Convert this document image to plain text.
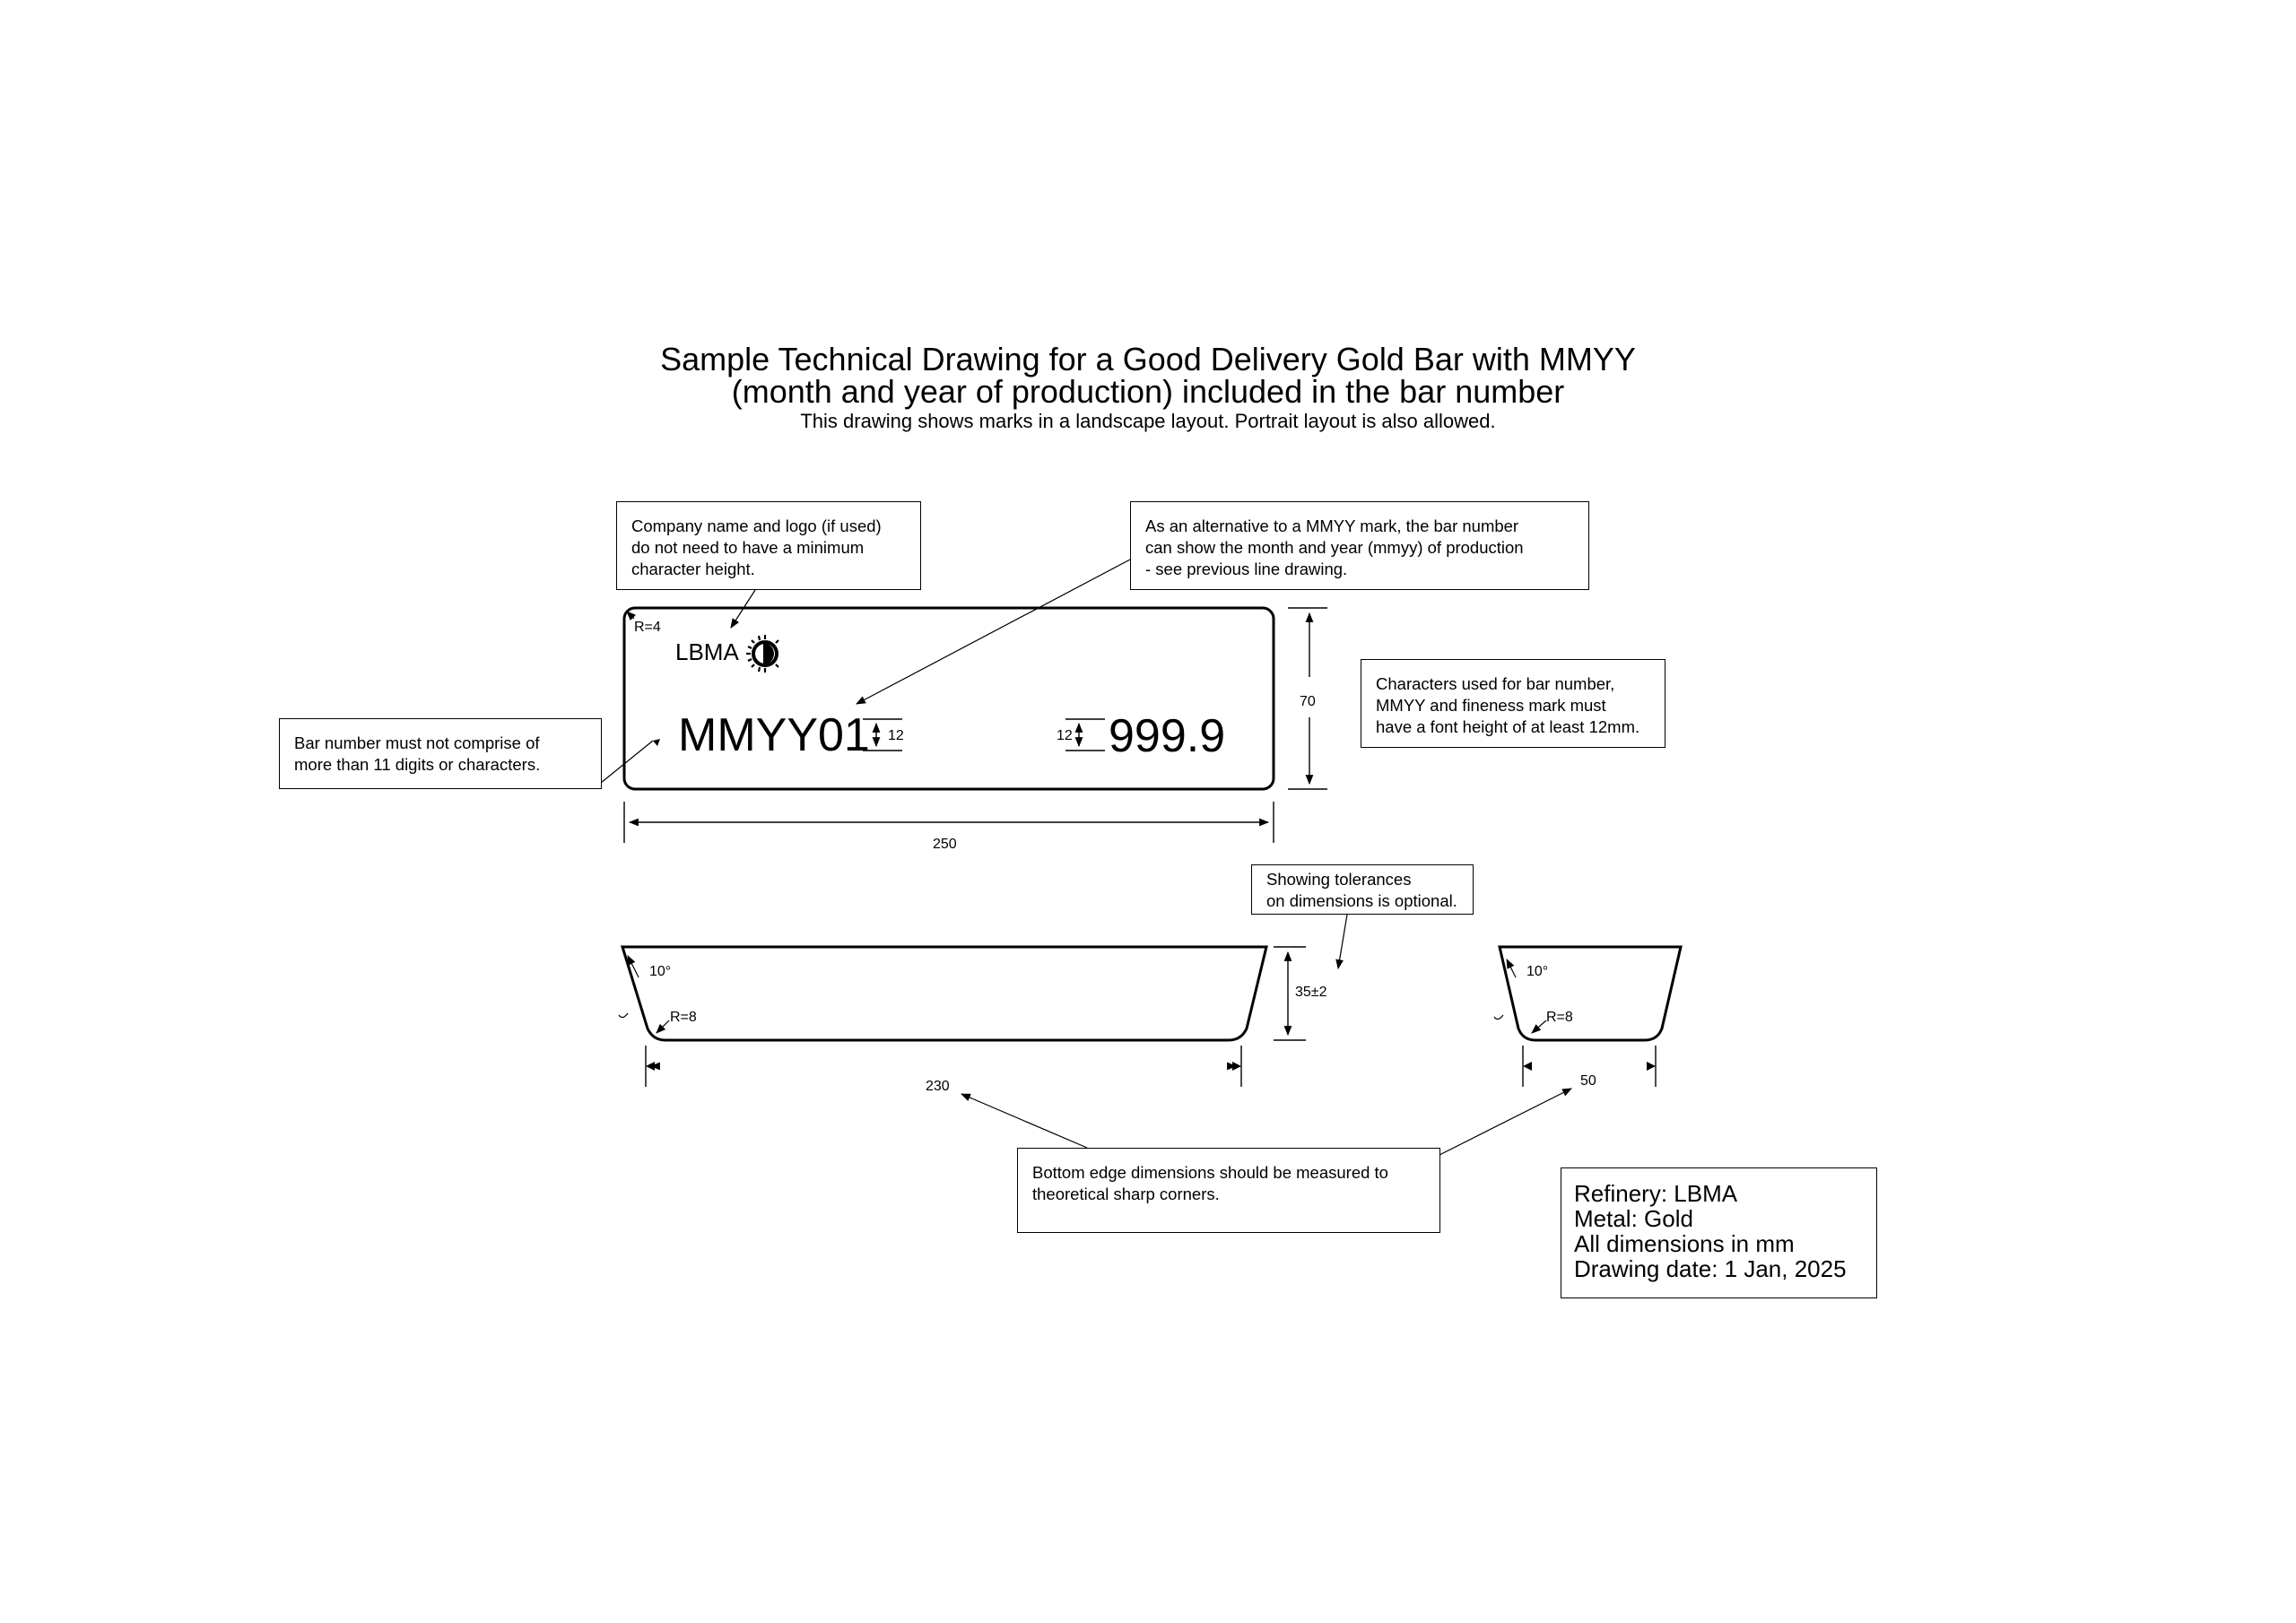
Sample Technical Drawing for a Good Delivery Gold Bar with MMYY
(month and year of production) included in the bar number
This drawing shows marks in a landscape layout. Portrait layout is also allowed.
R=4
LBMA
MMYY01	999.9
12	12
70
250
10°
R=8
35±2
230
10°
R=8
50
Company name and logo (if used)
do not need to have a minimum
character height.
As an alternative to a MMYY mark, the bar number
can show the month and year (mmyy) of production
- see previous line drawing.
Bar number must not comprise of
more than 11 digits or characters.
Characters used for bar number,
MMYY and fineness mark must
have a font height of at least 12mm.
Showing tolerances
on dimensions is optional.
Bottom edge dimensions should be measured to
theoretical sharp corners.	Refinery: LBMA
Metal: Gold
All dimensions in mm
Drawing date: 1 Jan, 2025
